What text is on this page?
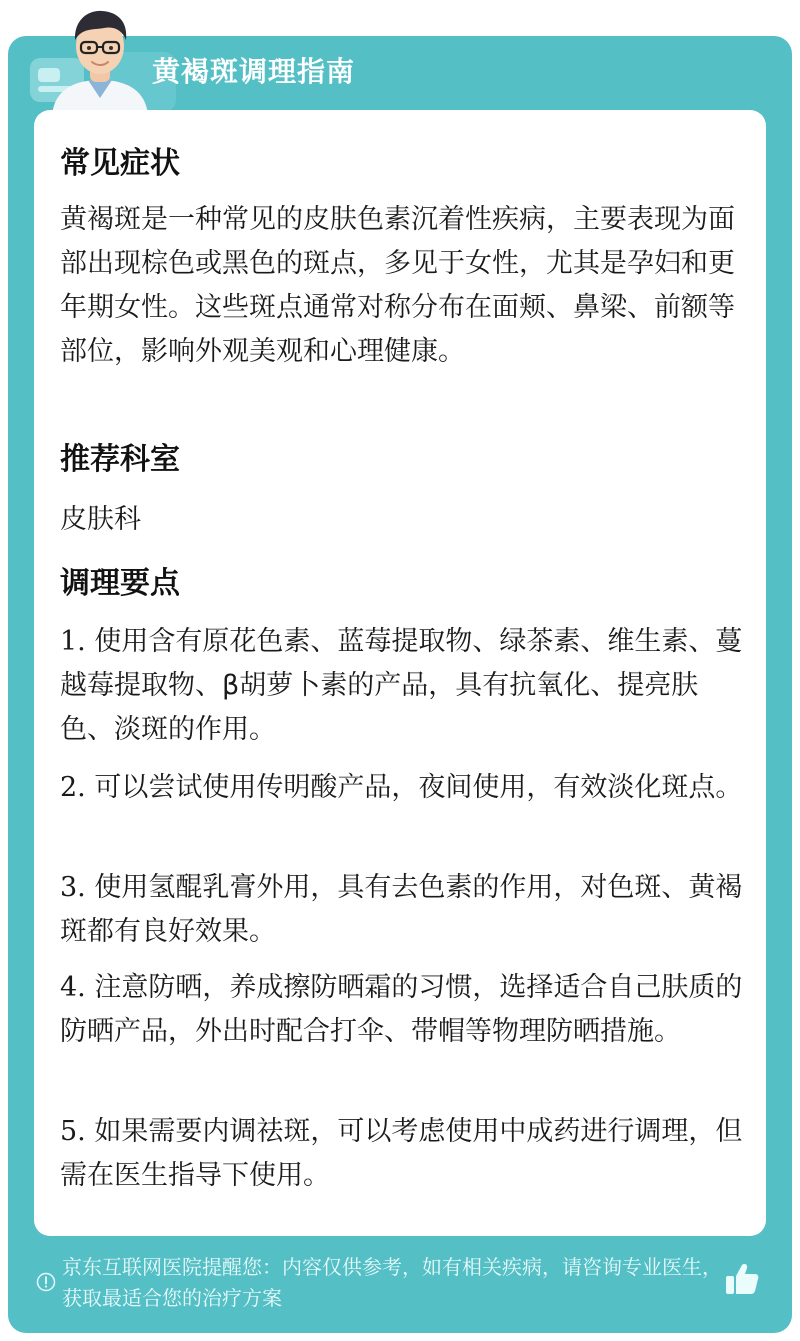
黄褐斑调理指南
常见症状
黄褐斑是一种常见的皮肤色素沉着性疾病，主要表现为面部出现棕色或黑色的斑点，多见于女性，尤其是孕妇和更年期女性。这些斑点通常对称分布在面颊、鼻梁、前额等部位，影响外观美观和心理健康。
推荐科室
皮肤科
调理要点
1. 使用含有原花色素、蓝莓提取物、绿茶素、维生素、蔓越莓提取物、β胡萝卜素的产品，具有抗氧化、提亮肤色、淡斑的作用。
2. 可以尝试使用传明酸产品，夜间使用，有效淡化斑点。
3. 使用氢醌乳膏外用，具有去色素的作用，对色斑、黄褐斑都有良好效果。
4. 注意防晒，养成擦防晒霜的习惯，选择适合自己肤质的防晒产品，外出时配合打伞、带帽等物理防晒措施。
5. 如果需要内调祛斑，可以考虑使用中成药进行调理，但需在医生指导下使用。
京东互联网医院提醒您：内容仅供参考，如有相关疾病，请咨询专业医生，获取最适合您的治疗方案
